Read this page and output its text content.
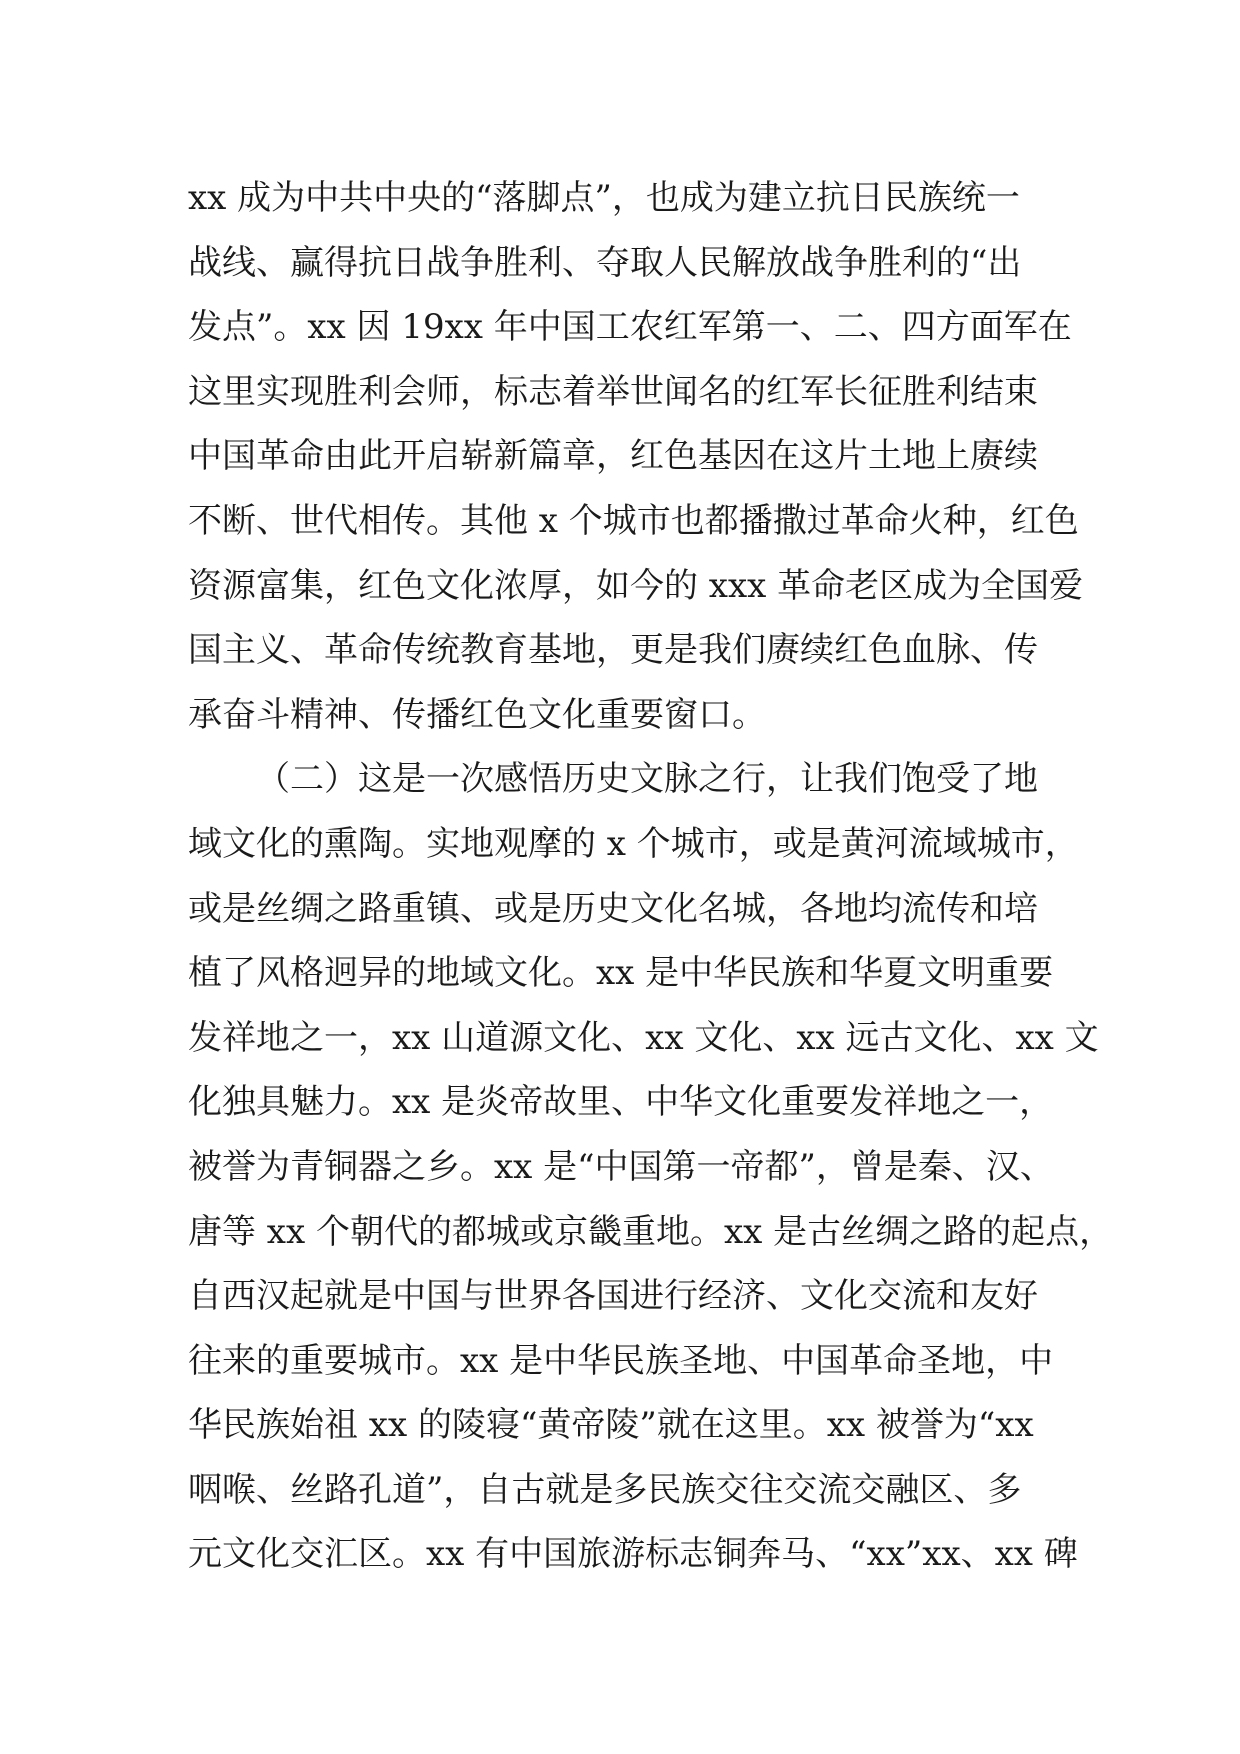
xx 成为中共中央的“落脚点”，也成为建立抗日民族统一
战线、赢得抗日战争胜利、夺取人民解放战争胜利的“出
发点”。xx 因 19xx 年中国工农红军第一、二、四方面军在
这里实现胜利会师，标志着举世闻名的红军长征胜利结束
中国革命由此开启崭新篇章，红色基因在这片土地上赓续
不断、世代相传。其他 x 个城市也都播撒过革命火种，红色
资源富集，红色文化浓厚，如今的 xxx 革命老区成为全国爱
国主义、革命传统教育基地，更是我们赓续红色血脉、传
承奋斗精神、传播红色文化重要窗口。
（二）这是一次感悟历史文脉之行，让我们饱受了地
域文化的熏陶。实地观摩的 x 个城市，或是黄河流域城市，
或是丝绸之路重镇、或是历史文化名城，各地均流传和培
植了风格迥异的地域文化。xx 是中华民族和华夏文明重要
发祥地之一，xx 山道源文化、xx 文化、xx 远古文化、xx 文
化独具魅力。xx 是炎帝故里、中华文化重要发祥地之一，
被誉为青铜器之乡。xx 是“中国第一帝都”，曾是秦、汉、
唐等 xx 个朝代的都城或京畿重地。xx 是古丝绸之路的起点，
自西汉起就是中国与世界各国进行经济、文化交流和友好
往来的重要城市。xx 是中华民族圣地、中国革命圣地，中
华民族始祖 xx 的陵寝“黄帝陵”就在这里。xx 被誉为“xx
咽喉、丝路孔道”，自古就是多民族交往交流交融区、多
元文化交汇区。xx 有中国旅游标志铜奔马、“xx”xx、xx 碑
